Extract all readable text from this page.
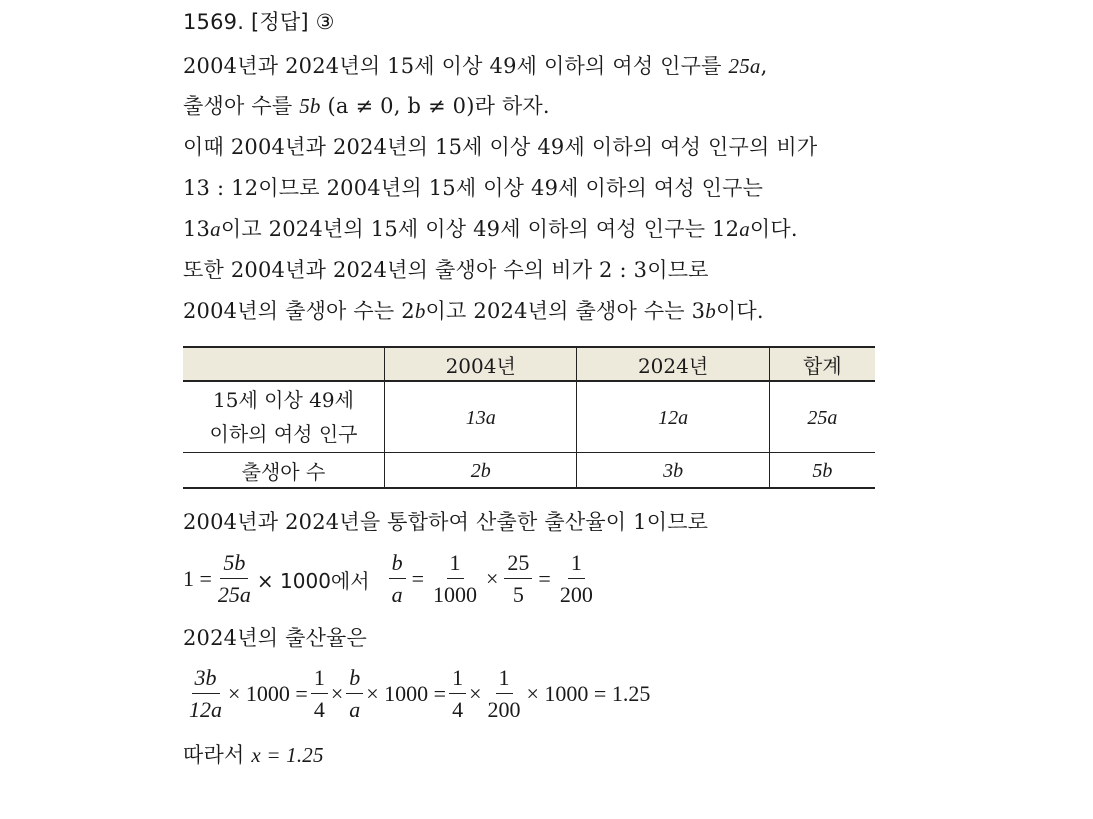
1569. [정답] ③
2004년과 2024년의 15세 이상 49세 이하의 여성 인구를 25a,
출생아 수를 5b (a ≠ 0, b ≠ 0)라 하자.
이때 2004년과 2024년의 15세 이상 49세 이하의 여성 인구의 비가
13 : 12이므로 2004년의 15세 이상 49세 이하의 여성 인구는
13a이고 2024년의 15세 이상 49세 이하의 여성 인구는 12a이다.
또한 2004년과 2024년의 출생아 수의 비가 2 : 3이므로
2004년의 출생아 수는 2b이고 2024년의 출생아 수는 3b이다.
	2004년	2024년	합계

15세 이상 49세
이하의 여성 인구	13a	12a	25a
출생아 수	2b	3b	5b
2004년과 2024년을 통합하여 산출한 출산율이 1이므로
$1 = \frac{5b}{25a} \times 1000$에서 $\frac{b}{a} = \frac{1}{1000} \times \frac{25}{5} = \frac{1}{200}$
2024년의 출산율은
$\frac{3b}{12a} \times 1000 = \frac{1}{4} \times \frac{b}{a} \times 1000 = \frac{1}{4} \times \frac{1}{200} \times 1000 = 1.25$
따라서 x = 1.25
